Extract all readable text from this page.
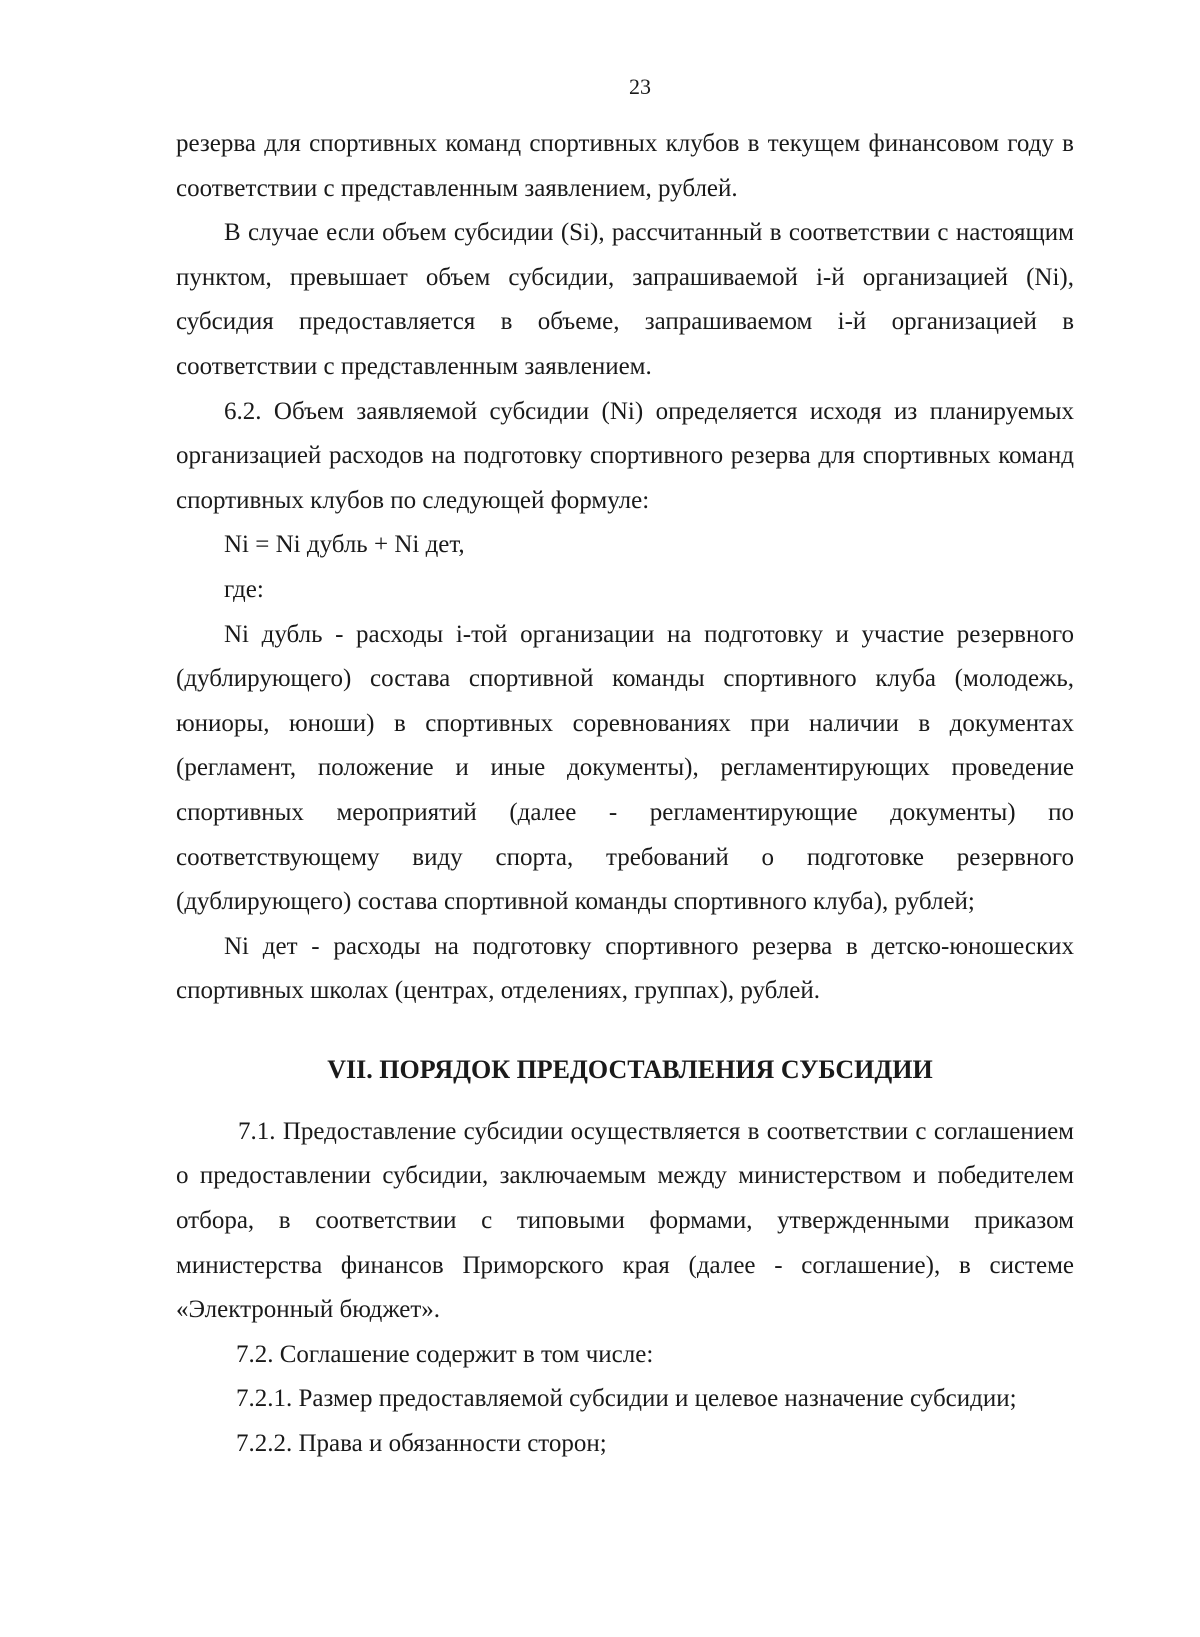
23

резерва для спортивных команд спортивных клубов в текущем финансовом году в соответствии с представленным заявлением, рублей.

В случае если объем субсидии (Si), рассчитанный в соответствии с настоящим пунктом, превышает объем субсидии, запрашиваемой i-й организацией (Ni), субсидия предоставляется в объеме, запрашиваемом i-й организацией в соответствии с представленным заявлением.

6.2. Объем заявляемой субсидии (Ni) определяется исходя из планируемых организацией расходов на подготовку спортивного резерва для спортивных команд спортивных клубов по следующей формуле:

Ni = Ni дубль + Ni дет,

где:

Ni дубль - расходы i-той организации на подготовку и участие резервного (дублирующего) состава спортивной команды спортивного клуба (молодежь, юниоры, юноши) в спортивных соревнованиях при наличии в документах (регламент, положение и иные документы), регламентирующих проведение спортивных мероприятий (далее - регламентирующие документы) по соответствующему виду спорта, требований о подготовке резервного (дублирующего) состава спортивной команды спортивного клуба), рублей;

Ni дет - расходы на подготовку спортивного резерва в детско-юношеских спортивных школах (центрах, отделениях, группах), рублей.

VII. ПОРЯДОК ПРЕДОСТАВЛЕНИЯ СУБСИДИИ

7.1. Предоставление субсидии осуществляется в соответствии с соглашением о предоставлении субсидии, заключаемым между министерством и победителем отбора, в соответствии с типовыми формами, утвержденными приказом министерства финансов Приморского края (далее - соглашение), в системе «Электронный бюджет».

7.2. Соглашение содержит в том числе:

7.2.1. Размер предоставляемой субсидии и целевое назначение субсидии;

7.2.2. Права и обязанности сторон;
